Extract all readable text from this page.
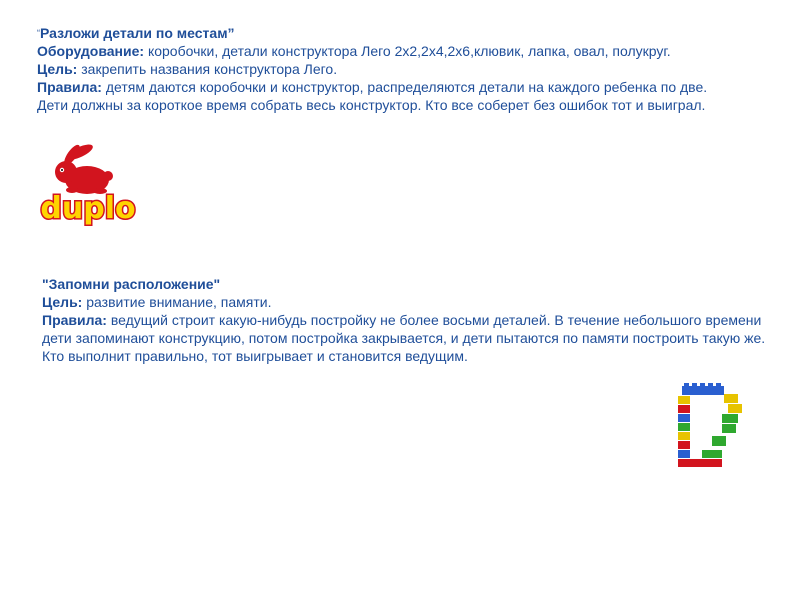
“Разложи детали по местам”
Оборудование: коробочки, детали конструктора Лего 2x2,2x4,2x6,клювик, лапка, овал, полукруг.
Цель: закрепить названия конструктора Лего.
Правила: детям даются коробочки и конструктор, распределяются детали на каждого ребенка по две. Дети должны за короткое время собрать весь конструктор. Кто все соберет без ошибок тот и выиграл.
duplo
"Запомни расположение"
Цель: развитие внимание, памяти.
Правила: ведущий строит какую-нибудь постройку не более восьми деталей. В течение небольшого времени дети запоминают конструкцию, потом постройка закрывается, и дети пытаются по памяти построить такую же. Кто выполнит правильно, тот выигрывает и становится ведущим.
